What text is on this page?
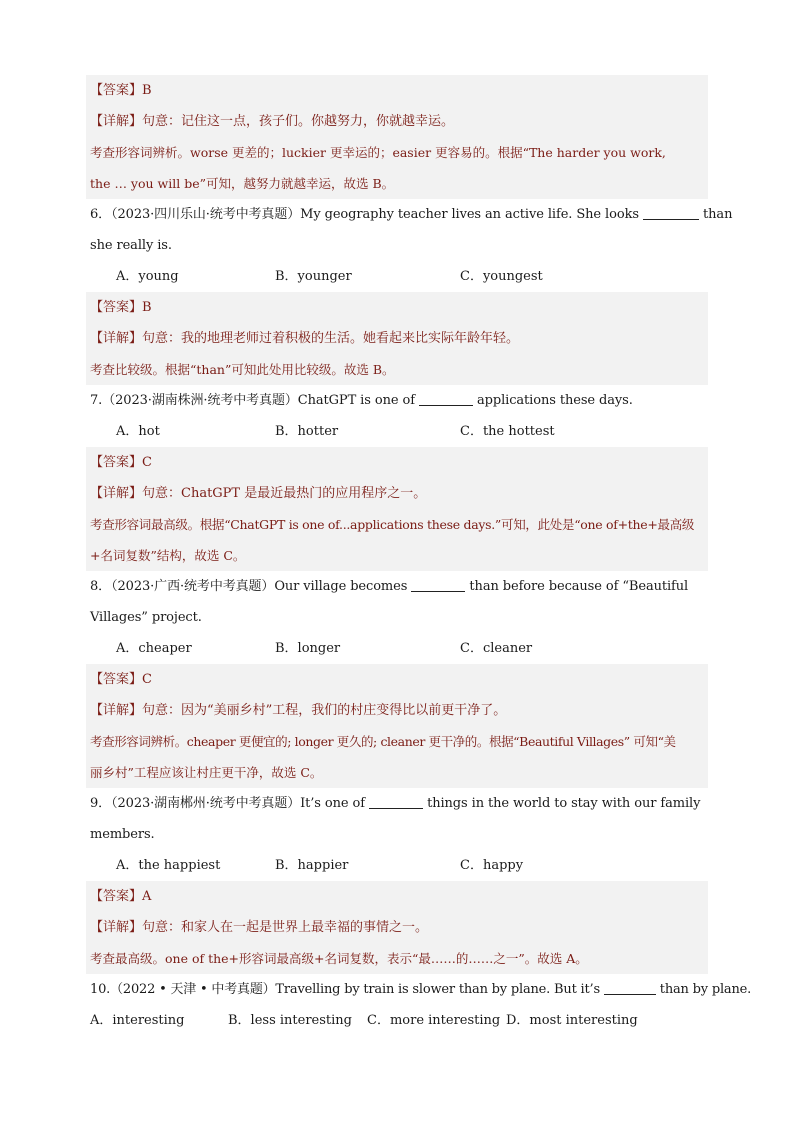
【答案】B
【详解】句意：记住这一点，孩子们。你越努力，你就越幸运。
考查形容词辨析。worse 更差的；luckier 更幸运的；easier 更容易的。根据“The harder you work,
the … you will be”可知，越努力就越幸运，故选 B。
6．（2023·四川乐山·统考中考真题）My geography teacher lives an active life. She looks	than
she really is.
A．young	B．younger	C．youngest
【答案】B
【详解】句意：我的地理老师过着积极的生活。她看起来比实际年龄年轻。
考查比较级。根据“than”可知此处用比较级。故选 B。
7.（2023·湖南株洲·统考中考真题）ChatGPT is one of	applications these days.
A．hot	B．hotter	C．the hottest
【答案】C
【详解】句意：ChatGPT 是最近最热门的应用程序之一。
考查形容词最高级。根据“ChatGPT is one of...applications these days.”可知，此处是“one of+the+最高级
+名词复数”结构，故选 C。
8．（2023·广西·统考中考真题）Our village becomes	than before because of “Beautiful
Villages” project.
A．cheaper	B．longer	C．cleaner
【答案】C
【详解】句意：因为“美丽乡村”工程，我们的村庄变得比以前更干净了。
考查形容词辨析。cheaper 更便宜的; longer 更久的; cleaner 更干净的。根据“Beautiful Villages” 可知“美
丽乡村”工程应该让村庄更干净，故选 C。
9．（2023·湖南郴州·统考中考真题）It’s one of	things in the world to stay with our family
members.
A．the happiest	B．happier	C．happy
【答案】A
【详解】句意：和家人在一起是世界上最幸福的事情之一。
考查最高级。one of the+形容词最高级+名词复数，表示“最……的……之一”。故选 A。
10.（2022 • 天津 • 中考真题）Travelling by train is slower than by plane. But it’s	than by plane.
A．interesting	B．less interesting C．more interesting D．most interesting
